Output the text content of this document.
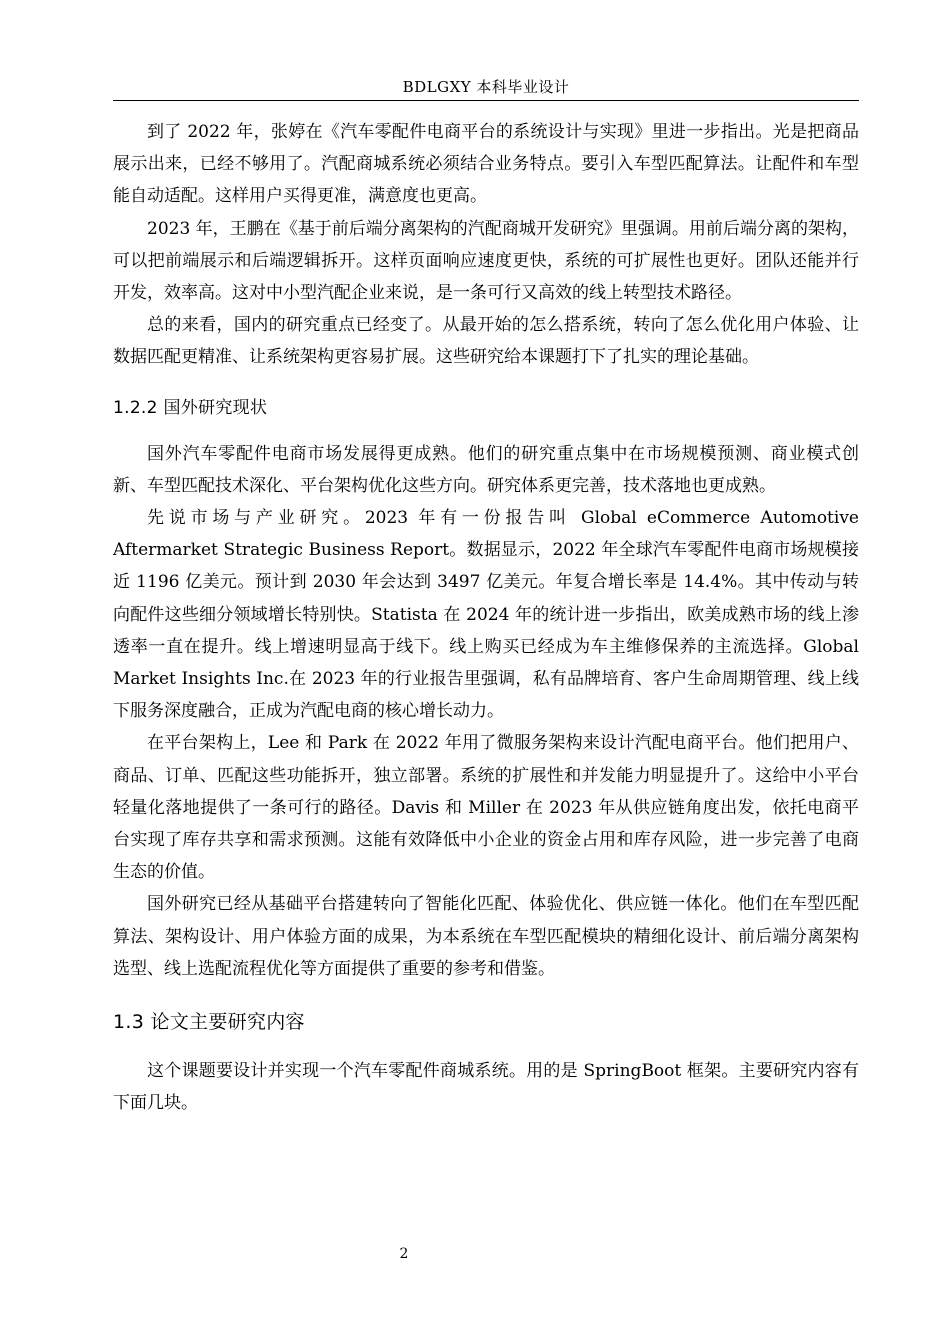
BDLGXY 本科毕业设计

到了 2022 年，张婷在《汽车零配件电商平台的系统设计与实现》里进一步指出。光是把商品展示出来，已经不够用了。汽配商城系统必须结合业务特点。要引入车型匹配算法。让配件和车型能自动适配。这样用户买得更准，满意度也更高。

2023 年，王鹏在《基于前后端分离架构的汽配商城开发研究》里强调。用前后端分离的架构，可以把前端展示和后端逻辑拆开。这样页面响应速度更快，系统的可扩展性也更好。团队还能并行开发，效率高。这对中小型汽配企业来说，是一条可行又高效的线上转型技术路径。

总的来看，国内的研究重点已经变了。从最开始的怎么搭系统，转向了怎么优化用户体验、让数据匹配更精准、让系统架构更容易扩展。这些研究给本课题打下了扎实的理论基础。

1.2.2 国外研究现状

国外汽车零配件电商市场发展得更成熟。他们的研究重点集中在市场规模预测、商业模式创新、车型匹配技术深化、平台架构优化这些方向。研究体系更完善，技术落地也更成熟。

先说市场与产业研究。2023 年有一份报告叫 Global eCommerce Automotive Aftermarket Strategic Business Report。数据显示，2022 年全球汽车零配件电商市场规模接近 1196 亿美元。预计到 2030 年会达到 3497 亿美元。年复合增长率是 14.4%。其中传动与转向配件这些细分领域增长特别快。Statista 在 2024 年的统计进一步指出，欧美成熟市场的线上渗透率一直在提升。线上增速明显高于线下。线上购买已经成为车主维修保养的主流选择。Global Market Insights Inc.在 2023 年的行业报告里强调，私有品牌培育、客户生命周期管理、线上线下服务深度融合，正成为汽配电商的核心增长动力。

在平台架构上，Lee 和 Park 在 2022 年用了微服务架构来设计汽配电商平台。他们把用户、商品、订单、匹配这些功能拆开，独立部署。系统的扩展性和并发能力明显提升了。这给中小平台轻量化落地提供了一条可行的路径。Davis 和 Miller 在 2023 年从供应链角度出发，依托电商平台实现了库存共享和需求预测。这能有效降低中小企业的资金占用和库存风险，进一步完善了电商生态的价值。

国外研究已经从基础平台搭建转向了智能化匹配、体验优化、供应链一体化。他们在车型匹配算法、架构设计、用户体验方面的成果，为本系统在车型匹配模块的精细化设计、前后端分离架构选型、线上选配流程优化等方面提供了重要的参考和借鉴。

1.3 论文主要研究内容

这个课题要设计并实现一个汽车零配件商城系统。用的是 SpringBoot 框架。主要研究内容有下面几块。

2
